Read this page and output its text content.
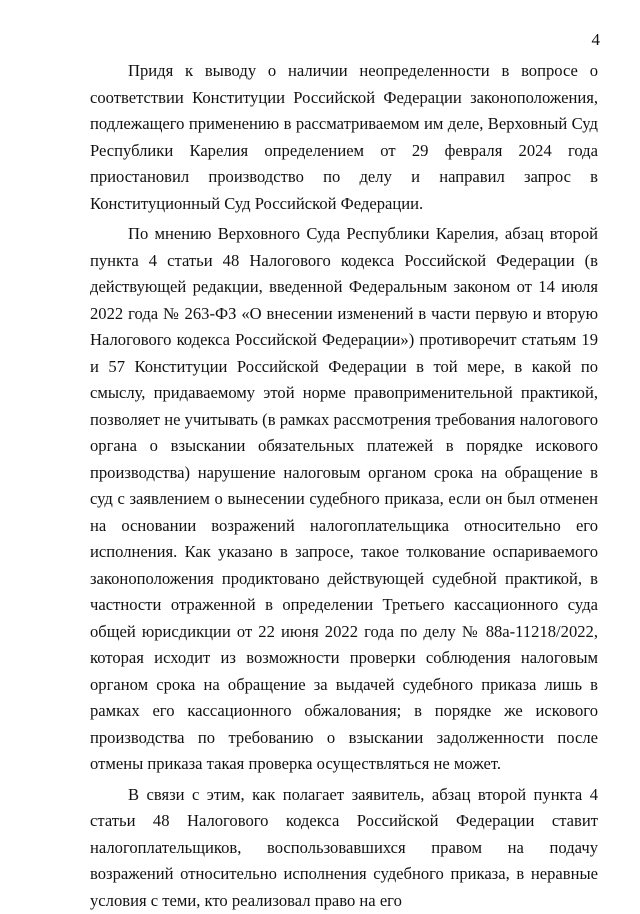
4

Придя к выводу о наличии неопределенности в вопросе о соответствии Конституции Российской Федерации законоположения, подлежащего применению в рассматриваемом им деле, Верховный Суд Республики Карелия определением от 29 февраля 2024 года приостановил производство по делу и направил запрос в Конституционный Суд Российской Федерации.

По мнению Верховного Суда Республики Карелия, абзац второй пункта 4 статьи 48 Налогового кодекса Российской Федерации (в действующей редакции, введенной Федеральным законом от 14 июля 2022 года № 263-ФЗ «О внесении изменений в части первую и вторую Налогового кодекса Российской Федерации») противоречит статьям 19 и 57 Конституции Российской Федерации в той мере, в какой по смыслу, придаваемому этой норме правоприменительной практикой, позволяет не учитывать (в рамках рассмотрения требования налогового органа о взыскании обязательных платежей в порядке искового производства) нарушение налоговым органом срока на обращение в суд с заявлением о вынесении судебного приказа, если он был отменен на основании возражений налогоплательщика относительно его исполнения. Как указано в запросе, такое толкование оспариваемого законоположения продиктовано действующей судебной практикой, в частности отраженной в определении Третьего кассационного суда общей юрисдикции от 22 июня 2022 года по делу № 88а-11218/2022, которая исходит из возможности проверки соблюдения налоговым органом срока на обращение за выдачей судебного приказа лишь в рамках его кассационного обжалования; в порядке же искового производства по требованию о взыскании задолженности после отмены приказа такая проверка осуществляться не может.

В связи с этим, как полагает заявитель, абзац второй пункта 4 статьи 48 Налогового кодекса Российской Федерации ставит налогоплательщиков, воспользовавшихся правом на подачу возражений относительно исполнения судебного приказа, в неравные условия с теми, кто реализовал право на его
